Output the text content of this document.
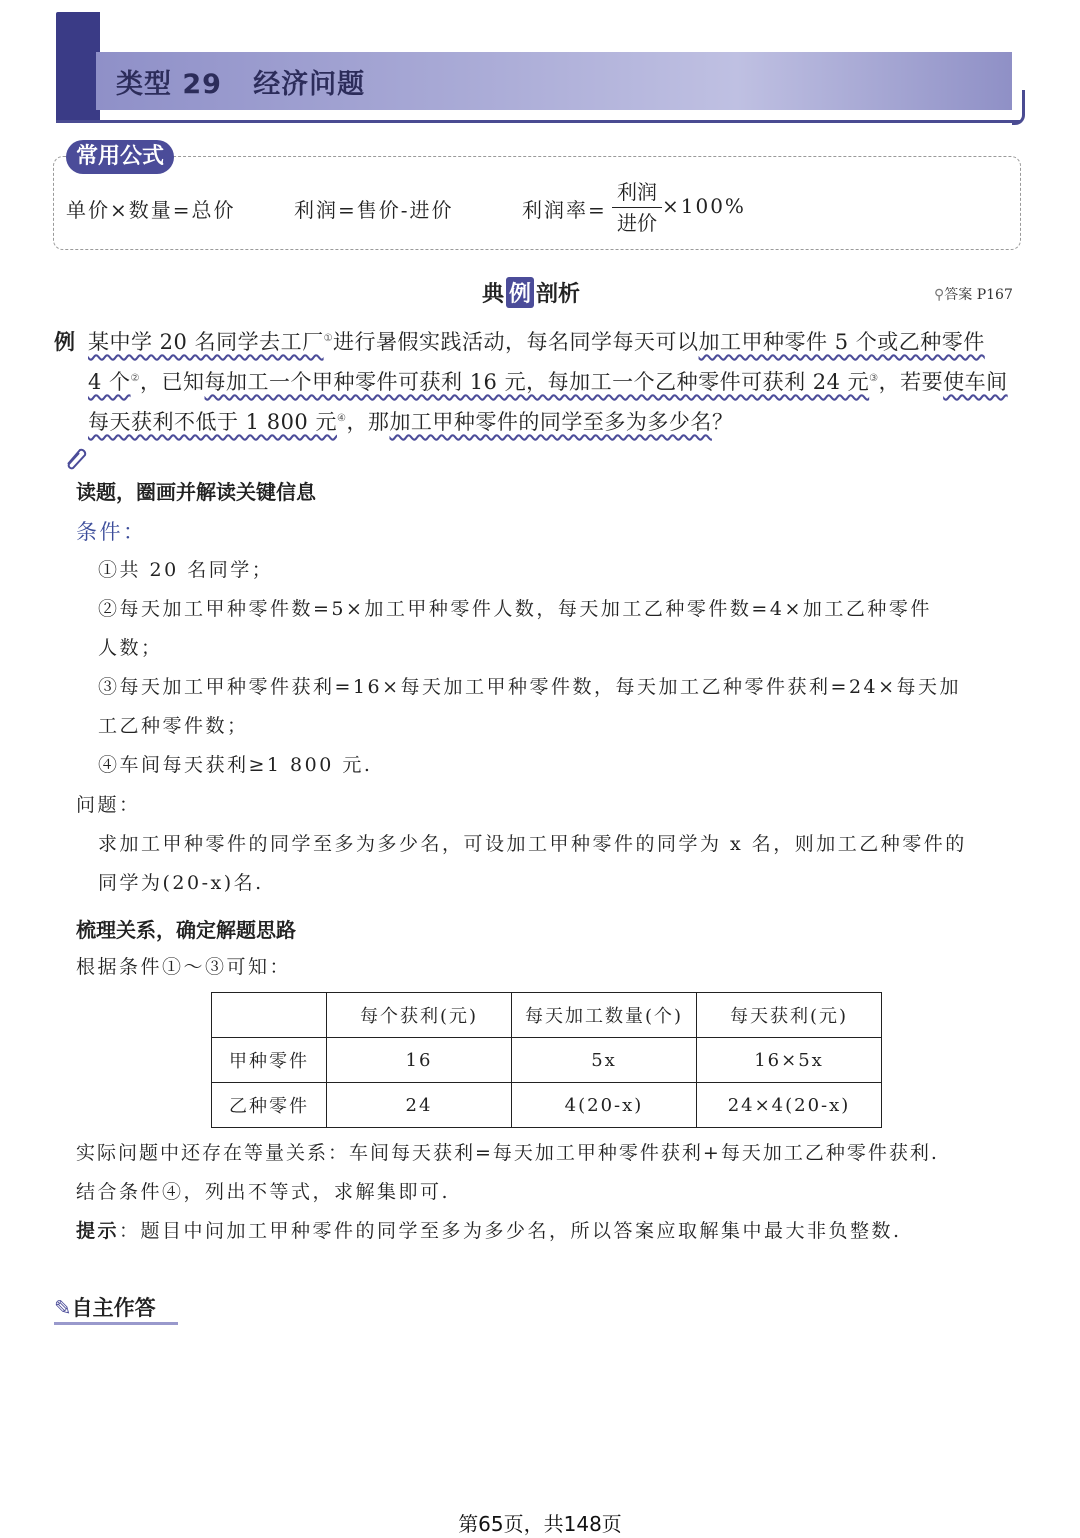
类型 29 经济问题
常用公式
单价×数量=总价	利润=售价-进价	利润率=
利润
进价
×100%
典 例 剖析	⚲答案 P167
例 某中学 20 名同学去工厂①进行暑假实践活动，每名同学每天可以加工甲种零件 5 个或乙种零件
4 个②，已知每加工一个甲种零件可获利 16 元，每加工一个乙种零件可获利 24 元③，若要使车间
每天获利不低于 1 800 元④，那加工甲种零件的同学至多为多少名？
读题，圈画并解读关键信息
条件：
①共 20 名同学；
②每天加工甲种零件数=5×加工甲种零件人数，每天加工乙种零件数=4×加工乙种零件
人数；
③每天加工甲种零件获利=16×每天加工甲种零件数，每天加工乙种零件获利=24×每天加
工乙种零件数；
④车间每天获利≥1 800 元.
问题：
求加工甲种零件的同学至多为多少名，可设加工甲种零件的同学为 x 名，则加工乙种零件的
同学为(20-x)名.
梳理关系，确定解题思路
根据条件①～③可知：
	每个获利(元)	每天加工数量(个)	每天获利(元)
甲种零件	16	5x	16×5x
乙种零件	24	4(20-x)	24×4(20-x)
实际问题中还存在等量关系：车间每天获利=每天加工甲种零件获利+每天加工乙种零件获利.
结合条件④，列出不等式，求解集即可.
提示：题目中问加工甲种零件的同学至多为多少名，所以答案应取解集中最大非负整数.
✎自主作答
第65页，共148页
